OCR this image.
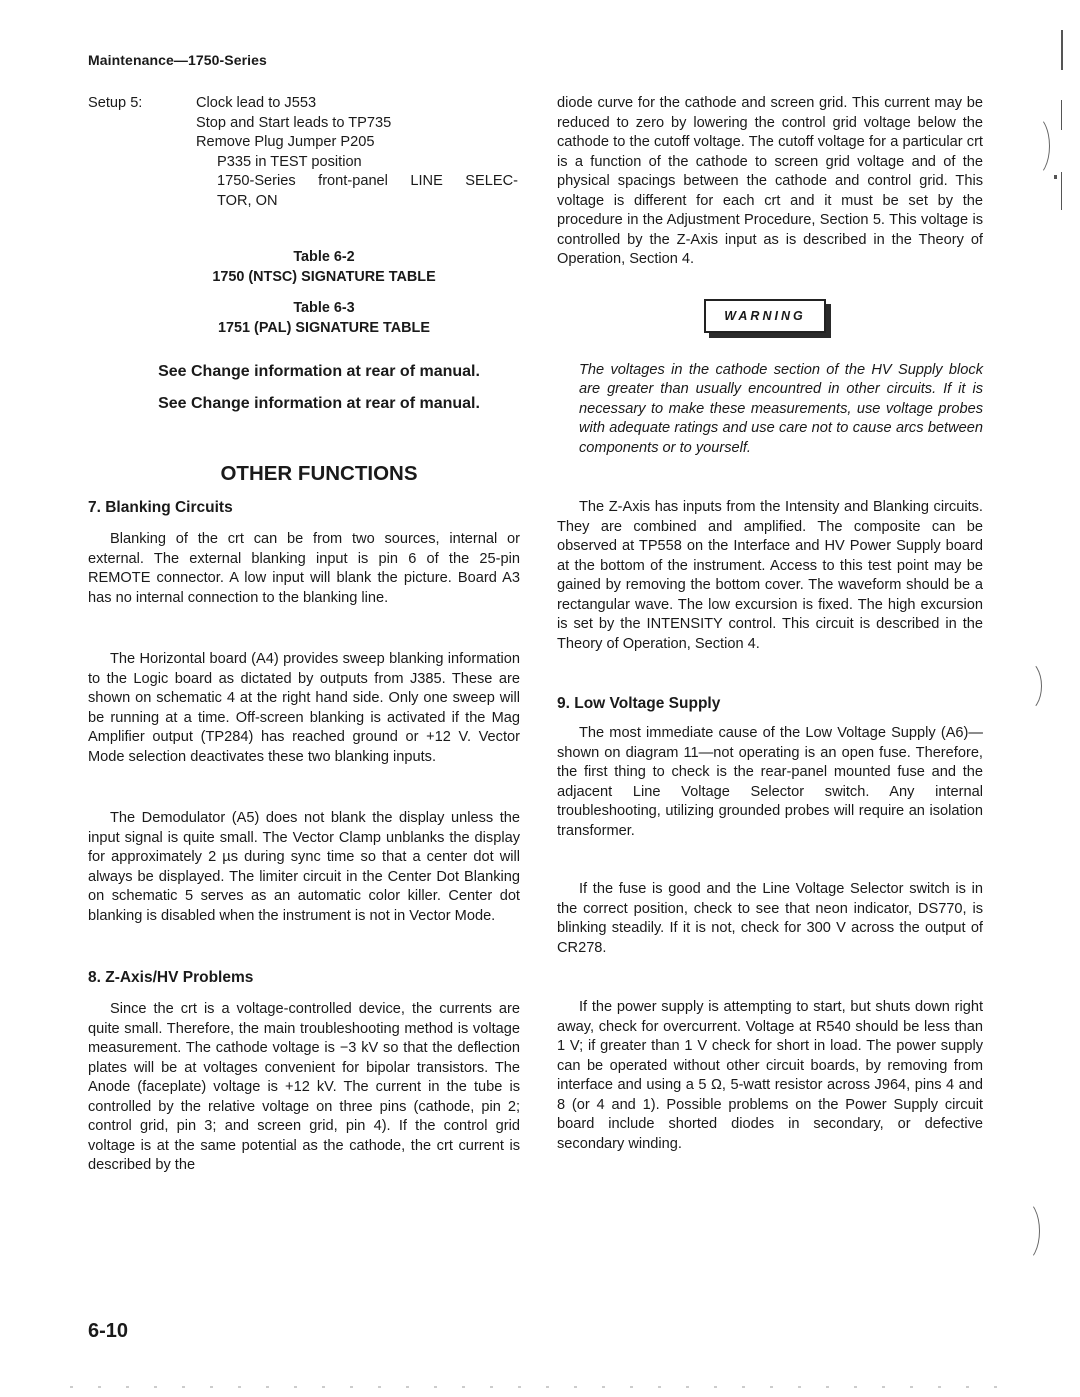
Maintenance—1750-Series
Setup 5:	Clock lead to J553
Stop and Start leads to TP735
Remove Plug Jumper P205
P335 in TEST position
1750-Series front-panel LINE SELEC-
TOR, ON
Table 6-2
1750 (NTSC) SIGNATURE TABLE
Table 6-3
1751 (PAL) SIGNATURE TABLE
See Change information at rear of manual.
See Change information at rear of manual.
OTHER FUNCTIONS
7. Blanking Circuits

Blanking of the crt can be from two sources, internal or external. The external blanking input is pin 6 of the 25-pin REMOTE connector. A low input will blank the picture. Board A3 has no internal connection to the blanking line.

The Horizontal board (A4) provides sweep blanking information to the Logic board as dictated by outputs from J385. These are shown on schematic 4 at the right hand side. Only one sweep will be running at a time. Off-screen blanking is activated if the Mag Amplifier output (TP284) has reached ground or +12 V. Vector Mode selection deactivates these two blanking inputs.

The Demodulator (A5) does not blank the display unless the input signal is quite small. The Vector Clamp unblanks the display for approximately 2 µs during sync time so that a center dot will always be displayed. The limiter circuit in the Center Dot Blanking on schematic 5 serves as an automatic color killer. Center dot blanking is disabled when the instrument is not in Vector Mode.

8. Z-Axis/HV Problems

Since the crt is a voltage-controlled device, the currents are quite small. Therefore, the main troubleshooting method is voltage measurement. The cathode voltage is −3 kV so that the deflection plates will be at voltages convenient for bipolar transistors. The Anode (faceplate) voltage is +12 kV. The current in the tube is controlled by the relative voltage on three pins (cathode, pin 2; control grid, pin 3; and screen grid, pin 4). If the control grid voltage is at the same potential as the cathode, the crt current is described by the

diode curve for the cathode and screen grid. This current may be reduced to zero by lowering the control grid voltage below the cathode to the cutoff voltage. The cutoff voltage for a particular crt is a function of the cathode to screen grid voltage and of the physical spacings between the cathode and control grid. This voltage is different for each crt and it must be set by the procedure in the Adjustment Procedure, Section 5. This voltage is controlled by the Z-Axis input as is described in the Theory of Operation, Section 4.

WARNING

The voltages in the cathode section of the HV Supply block are greater than usually encountred in other circuits. If it is necessary to make these measurements, use voltage probes with adequate ratings and use care not to cause arcs between components or to yourself.

The Z-Axis has inputs from the Intensity and Blanking circuits. They are combined and amplified. The composite can be observed at TP558 on the Interface and HV Power Supply board at the bottom of the instrument. Access to this test point may be gained by removing the bottom cover. The waveform should be a rectangular wave. The low excursion is fixed. The high excursion is set by the INTENSITY control. This circuit is described in the Theory of Operation, Section 4.

9. Low Voltage Supply

The most immediate cause of the Low Voltage Supply (A6)—shown on diagram 11—not operating is an open fuse. Therefore, the first thing to check is the rear-panel mounted fuse and the adjacent Line Voltage Selector switch. Any internal troubleshooting, utilizing grounded probes will require an isolation transformer.

If the fuse is good and the Line Voltage Selector switch is in the correct position, check to see that neon indicator, DS770, is blinking steadily. If it is not, check for 300 V across the output of CR278.

If the power supply is attempting to start, but shuts down right away, check for overcurrent. Voltage at R540 should be less than 1 V; if greater than 1 V check for short in load. The power supply can be operated without other circuit boards, by removing from interface and using a 5 Ω, 5-watt resistor across J964, pins 4 and 8 (or 4 and 1). Possible problems on the Power Supply circuit board include shorted diodes in secondary, or defective secondary winding.

6-10
